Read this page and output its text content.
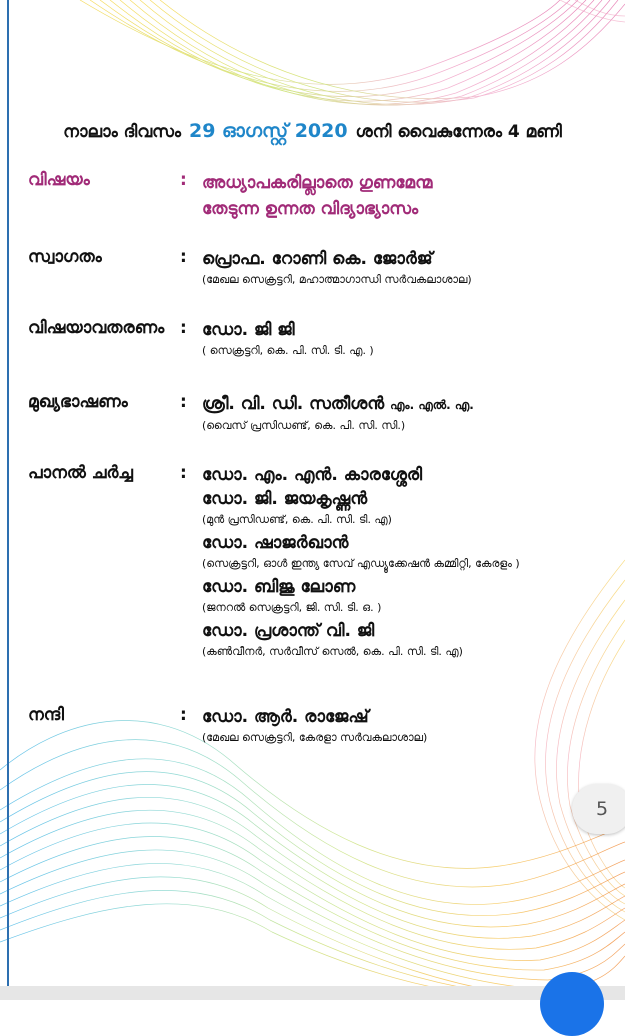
നാലാം ദിവസം 29 ഓഗസ്റ്റ് 2020 ശനി വൈകുന്നേരം 4 മണി
വിഷയം	: അധ്യാപകരില്ലാതെ ഗുണമേന്മ
തേടുന്ന ഉന്നത വിദ്യാഭ്യാസം
സ്വാഗതം	: പ്രൊഫ. റോണി കെ. ജോർജ്
(മേഖല സെക്രട്ടറി, മഹാത്മാഗാന്ധി സർവകലാശാല)
വിഷയാവതരണം : ഡോ. ജി ജി
( സെക്രട്ടറി, കെ. പി. സി. ടി. എ. )
മുഖ്യഭാഷണം	: ശ്രീ. വി. ഡി. സതീശൻ എം. എൽ. എ.
(വൈസ് പ്രസിഡണ്ട്, കെ. പി. സി. സി.)
പാനൽ ചർച്ച	: ഡോ. എം. എൻ. കാരശ്ശേരി
ഡോ. ജി. ജയകൃഷ്ണൻ
(മുൻ പ്രസിഡണ്ട്, കെ. പി. സി. ടി. എ)
ഡോ. ഷാജർഖാൻ
(സെക്രട്ടറി, ഓൾ ഇന്ത്യ സേവ് എഡ്യൂക്കേഷൻ കമ്മിറ്റി, കേരളം )
ഡോ. ബിജു ലോണ
(ജനറൽ സെക്രട്ടറി, ജി. സി. ടി. ഒ. )
ഡോ. പ്രശാന്ത് വി. ജി
(കൺവീനർ, സർവീസ് സെൽ, കെ. പി. സി. ടി. എ)
നന്ദി	: ഡോ. ആർ. രാജേഷ്
(മേഖല സെക്രട്ടറി, കേരളാ സർവകലാശാല)
5
